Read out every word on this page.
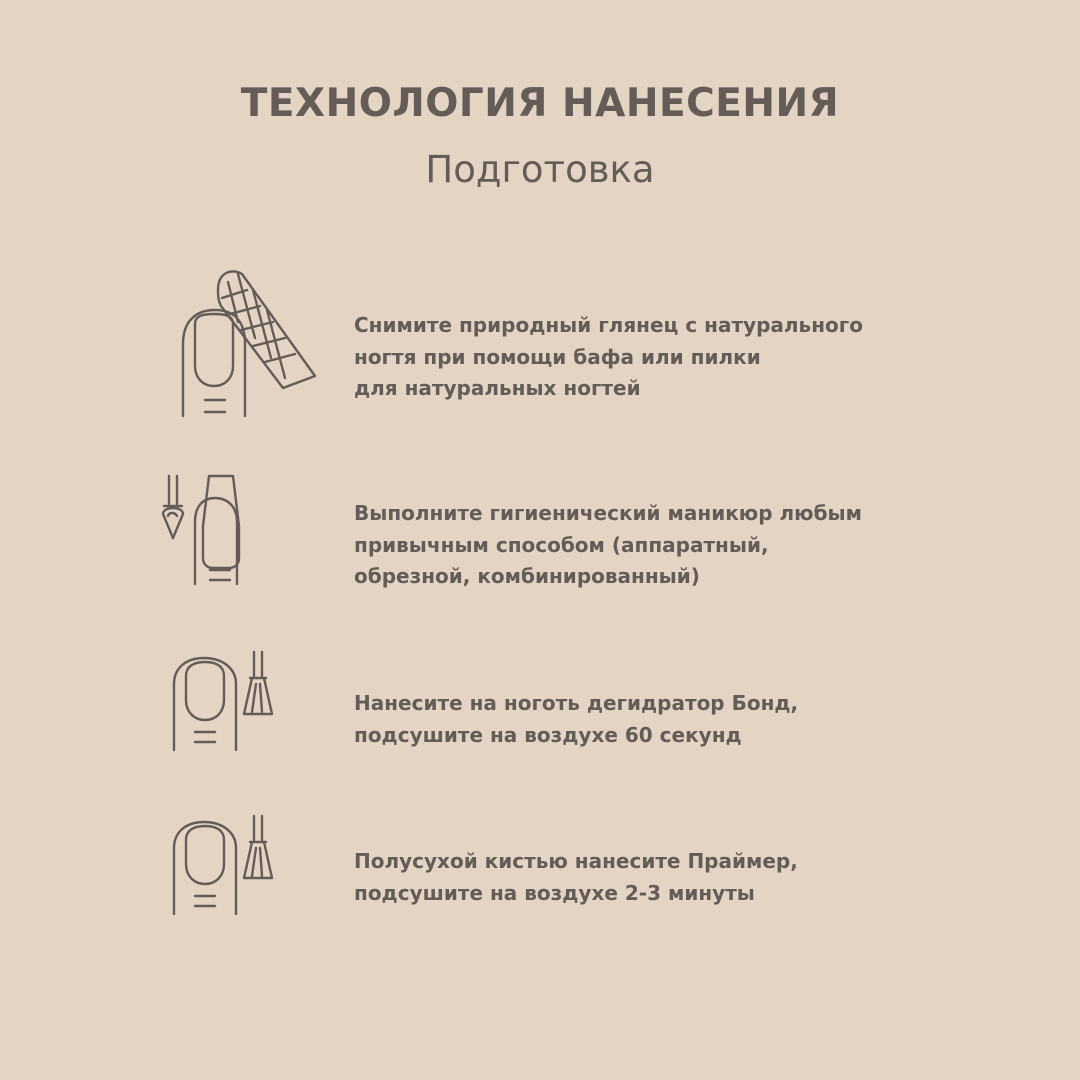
ТЕХНОЛОГИЯ НАНЕСЕНИЯ
Подготовка
Снимите природный глянец с натурального
ногтя при помощи бафа или пилки
для натуральных ногтей
Выполните гигиенический маникюр любым
привычным способом (аппаратный,
обрезной, комбинированный)
Нанесите на ноготь дегидратор Бонд,
подсушите на воздухе 60 секунд
Полусухой кистью нанесите Праймер,
подсушите на воздухе 2-3 минуты
